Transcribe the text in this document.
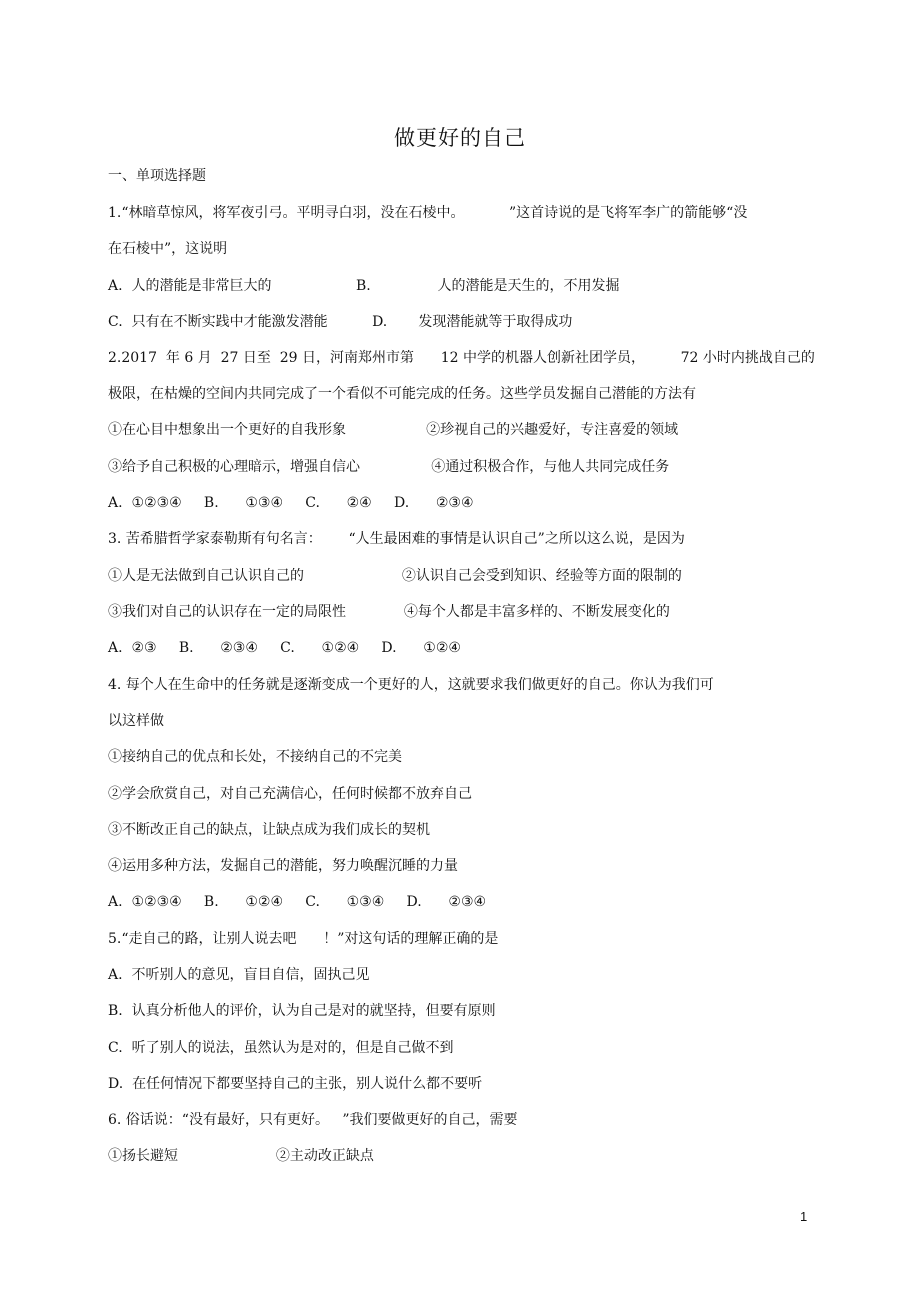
做更好的自己
一、单项选择题
1.“林暗草惊风，将军夜引弓。平明寻白羽，没在石棱中。          ”这首诗说的是飞将军李广的箭能够“没
在石棱中”，这说明
A.  人的潜能是非常巨大的                   B.               人的潜能是天生的，不用发掘
C.  只有在不断实践中才能激发潜能          D.       发现潜能就等于取得成功
2.2017  年 6 月  27 日至  29 日，河南郑州市第      12 中学的机器人创新社团学员，        72 小时内挑战自己的
极限，在枯燥的空间内共同完成了一个看似不可能完成的任务。这些学员发掘自己潜能的方法有
①在心目中想象出一个更好的自我形象                  ②珍视自己的兴趣爱好，专注喜爱的领域
③给予自己积极的心理暗示，增强自信心                ④通过积极合作，与他人共同完成任务
A.  ①②③④     B.      ①③④     C.      ②④     D.      ②③④
3. 苦希腊哲学家泰勒斯有句名言：      “人生最困难的事情是认识自己”之所以这么说，是因为
①人是无法做到自己认识自己的                      ②认识自己会受到知识、经验等方面的限制的
③我们对自己的认识存在一定的局限性             ④每个人都是丰富多样的、不断发展变化的
A.  ②③     B.      ②③④     C.      ①②④     D.      ①②④
4. 每个人在生命中的任务就是逐渐变成一个更好的人，这就要求我们做更好的自己。你认为我们可
以这样做
①接纳自己的优点和长处，不接纳自己的不完美
②学会欣赏自己，对自己充满信心，任何时候都不放弃自己
③不断改正自己的缺点，让缺点成为我们成长的契机
④运用多种方法，发掘自己的潜能，努力唤醒沉睡的力量
A.  ①②③④     B.      ①②④     C.      ①③④     D.      ②③④
5.“走自己的路，让别人说去吧      ！”对这句话的理解正确的是
A.  不听别人的意见，盲目自信，固执己见
B.  认真分析他人的评价，认为自己是对的就坚持，但要有原则
C.  听了别人的说法，虽然认为是对的，但是自己做不到
D.  在任何情况下都要坚持自己的主张，别人说什么都不要听
6. 俗话说：“没有最好，只有更好。   ”我们要做更好的自己，需要
①扬长避短                      ②主动改正缺点
1
